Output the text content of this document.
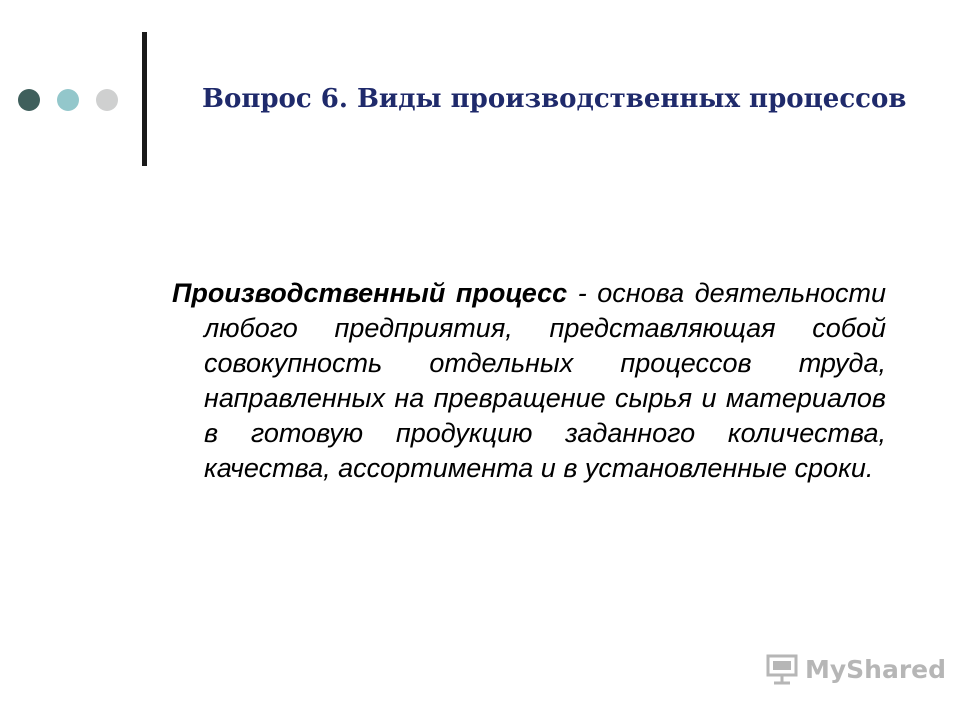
Вопрос 6. Виды производственных процессов

Производственный процесс - основа деятельности любого предприятия, представляющая собой совокупность отдельных процессов труда, направленных на превращение сырья и материалов в готовую продукцию заданного количества, качества, ассортимента и в установленные сроки.

MyShared
